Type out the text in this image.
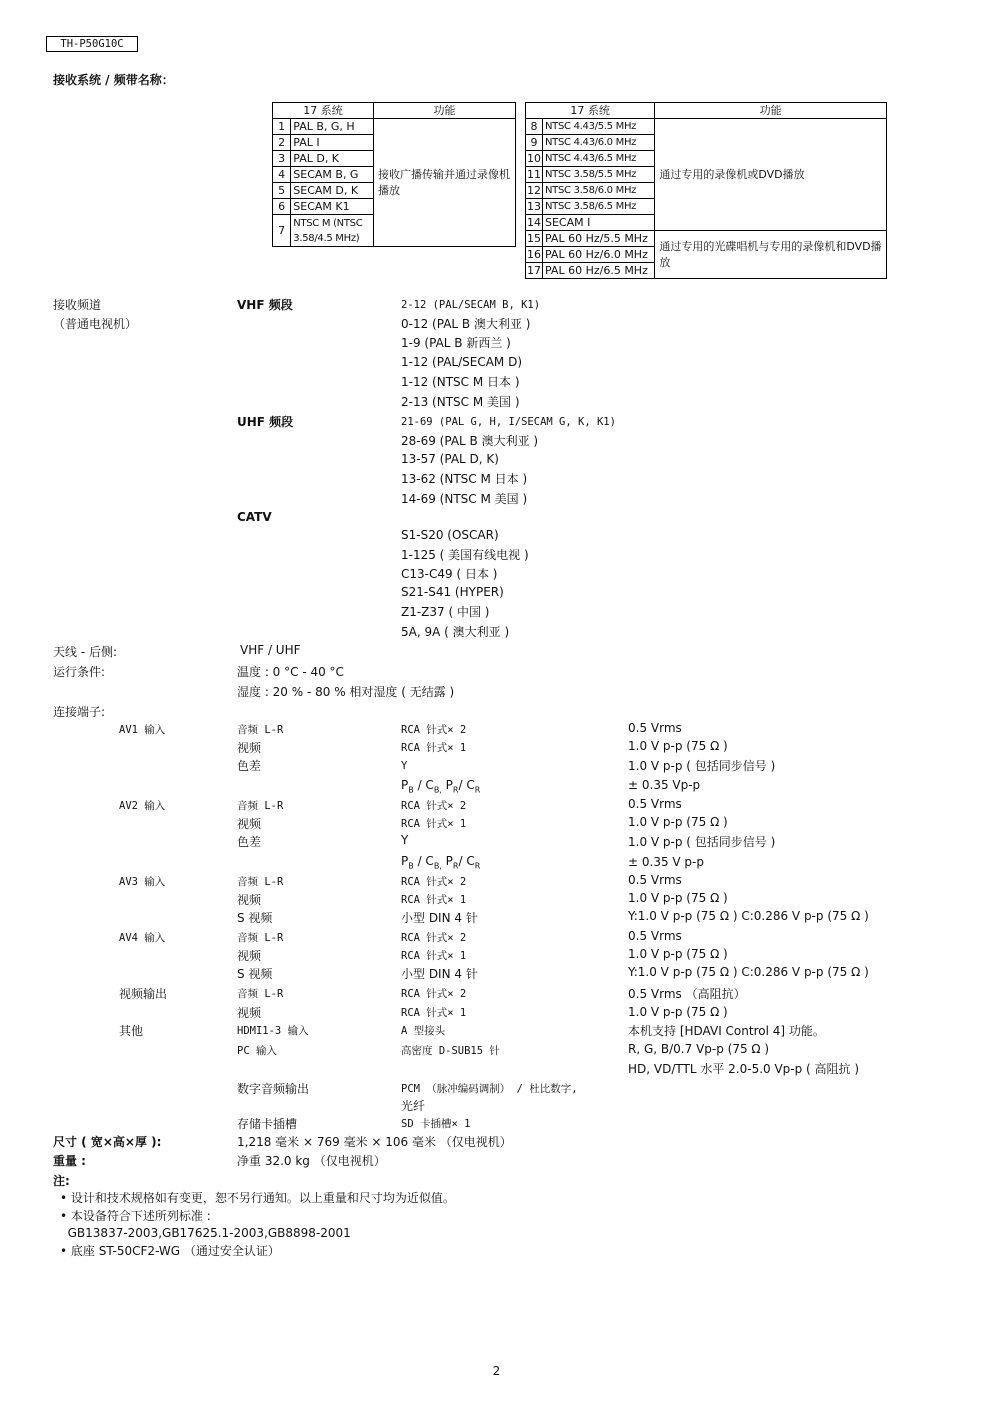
TH-P50G10C
接收系统 / 频带名称：
17 系统		功能
1	PAL B, G, H	接收广播传输并通过录像机播放
2	PAL I	
3	PAL D, K	
4	SECAM B, G	
5	SECAM D, K	
6	SECAM K1	
7	NTSC M (NTSC 3.58/4.5 MHz)	
17 系统		功能
8	NTSC 4.43/5.5 MHz	通过专用的录像机或DVD播放
9	NTSC 4.43/6.0 MHz	
10	NTSC 4.43/6.5 MHz	
11	NTSC 3.58/5.5 MHz	
12	NTSC 3.58/6.0 MHz	
13	NTSC 3.58/6.5 MHz	
14	SECAM I	
15	PAL 60 Hz/5.5 MHz	通过专用的光碟唱机与专用的录像机和DVD播放
16	PAL 60 Hz/6.0 MHz	
17	PAL 60 Hz/6.5 MHz	
接收频道
（普通电视机）
VHF 频段	2-12 (PAL/SECAM B, K1)
0-12 (PAL B 澳大利亚 )
1-9 (PAL B 新西兰 )
1-12 (PAL/SECAM D)
1-12 (NTSC M 日本 )
2-13 (NTSC M 美国 )
UHF 频段	21-69 (PAL G, H, I/SECAM G, K, K1)
28-69 (PAL B 澳大利亚 )
13-57 (PAL D, K)
13-62 (NTSC M 日本 )
14-69 (NTSC M 美国 )
CATV
S1-S20 (OSCAR)
1-125 ( 美国有线电视 )
C13-C49 ( 日本 )
S21-S41 (HYPER)
Z1-Z37 ( 中国 )
5A, 9A ( 澳大利亚 )
天线 - 后侧:	VHF / UHF
运行条件:	温度 : 0 °C - 40 °C
湿度 : 20 % - 80 % 相对湿度 ( 无结露 )
连接端子:
AV1 输入	音频 L-R	RCA 针式× 2	0.5 Vrms
视频	RCA 针式× 1	1.0 V p-p (75 Ω )
色差	Y	1.0 V p-p ( 包括同步信号 )
$P_B / C_{B,}$ $P_R/$ $C_R$	± 0.35 Vp-p
AV2 输入	音频 L-R	RCA 针式× 2	0.5 Vrms
视频	RCA 针式× 1	1.0 V p-p (75 Ω )
色差	Y	1.0 V p-p ( 包括同步信号 )
$P_B / C_{B,}$ $P_R/$ $C_R$	± 0.35 V p-p
AV3 输入	音频 L-R	RCA 针式× 2	0.5 Vrms
视频	RCA 针式× 1	1.0 V p-p (75 Ω )
S 视频	小型 DIN 4 针	Y:1.0 V p-p (75 Ω ) C:0.286 V p-p (75 Ω )
AV4 输入	音频 L-R	RCA 针式× 2	0.5 Vrms
视频	RCA 针式× 1	1.0 V p-p (75 Ω )
S 视频	小型 DIN 4 针	Y:1.0 V p-p (75 Ω ) C:0.286 V p-p (75 Ω )
视频输出	音频 L-R	RCA 针式× 2	0.5 Vrms （高阻抗）
视频	RCA 针式× 1	1.0 V p-p (75 Ω )
其他	HDMI1-3 输入	A 型接头	本机支持 [HDAVI Control 4] 功能。
PC 输入	高密度 D-SUB15 针	R, G, B/0.7 Vp-p (75 Ω )
HD, VD/TTL 水平 2.0-5.0 Vp-p ( 高阻抗 )
数字音频输出	PCM （脉冲编码调制） / 杜比数字,
光纤
存储卡插槽	SD 卡插槽× 1
尺寸 ( 宽×高×厚 ):	1,218 毫米 × 769 毫米 × 106 毫米 （仅电视机）
重量 :	净重 32.0 kg （仅电视机）
注:
• 设计和技术规格如有变更，恕不另行通知。以上重量和尺寸均为近似值。
• 本设备符合下述所列标准 :
GB13837-2003,GB17625.1-2003,GB8898-2001
• 底座 ST-50CF2-WG （通过安全认证）
2
